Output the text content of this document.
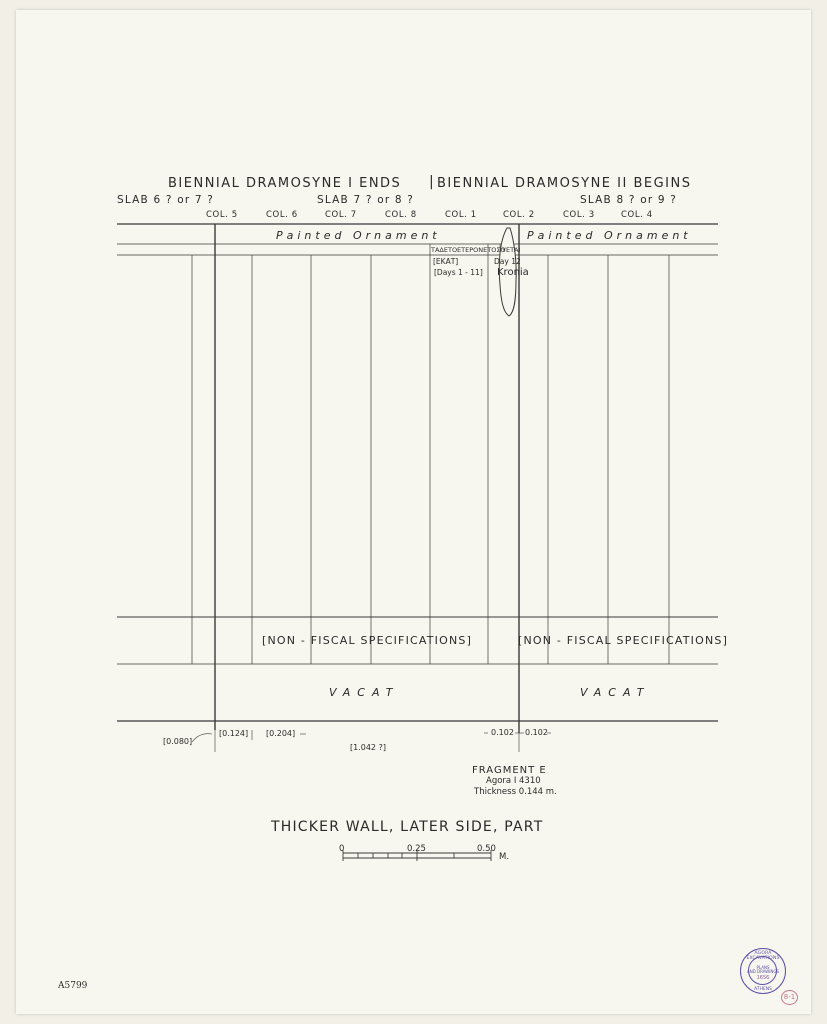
BIENNIAL DRAMOSYNE I ENDS | BIENNIAL DRAMOSYNE II BEGINS
SLAB 6 ? or 7 ?	SLAB 7 ? or 8 ?	SLAB 8 ? or 9 ?
COL. 5	COL. 6	COL. 7	COL. 8	COL. 1	COL. 2	COL. 3	COL. 4
Painted Ornament	Painted Ornament
ΤΑΔΕΤΟΕΤΕΡΟΝΕΤΟΣΟ
ΥΕΤΑΙ
[ΕΚΑΤ]
[Days 1 - 11]
Day 12
Kronia
[NON - FISCAL SPECIFICATIONS]	[NON - FISCAL SPECIFICATIONS]
VACAT	VACAT
[0.080]
[0.124] [0.204]
[1.042 ?]
0.102 0.102
FRAGMENT E
Agora I 4310
Thickness 0.144 m.
THICKER WALL, LATER SIDE, PART
0	0.25	0.50
M.
A5799
AGORA EXCAVATIONS
PLANS
AND DRAWINGS
1656
ATHENS
8-1
